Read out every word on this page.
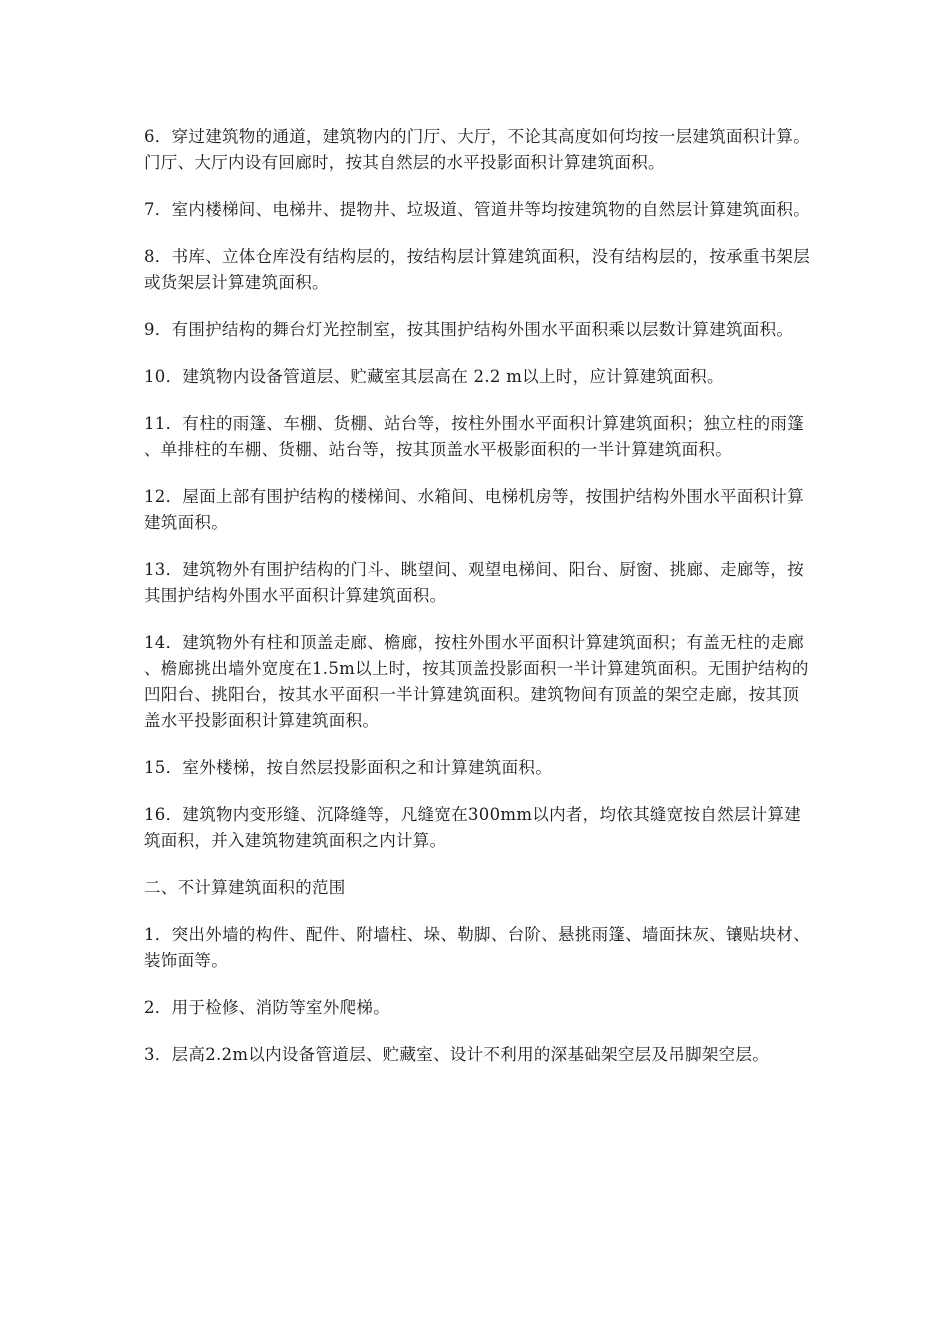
6．穿过建筑物的通道，建筑物内的门厅、大厅，不论其高度如何均按一层建筑面积计算。门厅、大厅内设有回廊时，按其自然层的水平投影面积计算建筑面积。

7．室内楼梯间、电梯井、提物井、垃圾道、管道井等均按建筑物的自然层计算建筑面积。

8．书库、立体仓库没有结构层的，按结构层计算建筑面积，没有结构层的，按承重书架层或货架层计算建筑面积。

9．有围护结构的舞台灯光控制室，按其围护结构外围水平面积乘以层数计算建筑面积。

10．建筑物内设备管道层、贮藏室其层高在 2.2 m以上时，应计算建筑面积。

11．有柱的雨篷、车棚、货棚、站台等，按柱外围水平面积计算建筑面积；独立柱的雨篷、单排柱的车棚、货棚、站台等，按其顶盖水平极影面积的一半计算建筑面积。

12．屋面上部有围护结构的楼梯间、水箱间、电梯机房等，按围护结构外围水平面积计算建筑面积。

13．建筑物外有围护结构的门斗、眺望间、观望电梯间、阳台、厨窗、挑廊、走廊等，按其围护结构外围水平面积计算建筑面积。

14．建筑物外有柱和顶盖走廊、檐廊，按柱外围水平面积计算建筑面积；有盖无柱的走廊、檐廊挑出墙外宽度在1.5m以上时，按其顶盖投影面积一半计算建筑面积。无围护结构的凹阳台、挑阳台，按其水平面积一半计算建筑面积。建筑物间有顶盖的架空走廊，按其顶盖水平投影面积计算建筑面积。

15．室外楼梯，按自然层投影面积之和计算建筑面积。

16．建筑物内变形缝、沉降缝等，凡缝宽在300mm以内者，均依其缝宽按自然层计算建筑面积，并入建筑物建筑面积之内计算。

二、不计算建筑面积的范围

1．突出外墙的构件、配件、附墙柱、垛、勒脚、台阶、悬挑雨篷、墙面抹灰、镶贴块材、装饰面等。

2．用于检修、消防等室外爬梯。

3．层高2.2m以内设备管道层、贮藏室、设计不利用的深基础架空层及吊脚架空层。
